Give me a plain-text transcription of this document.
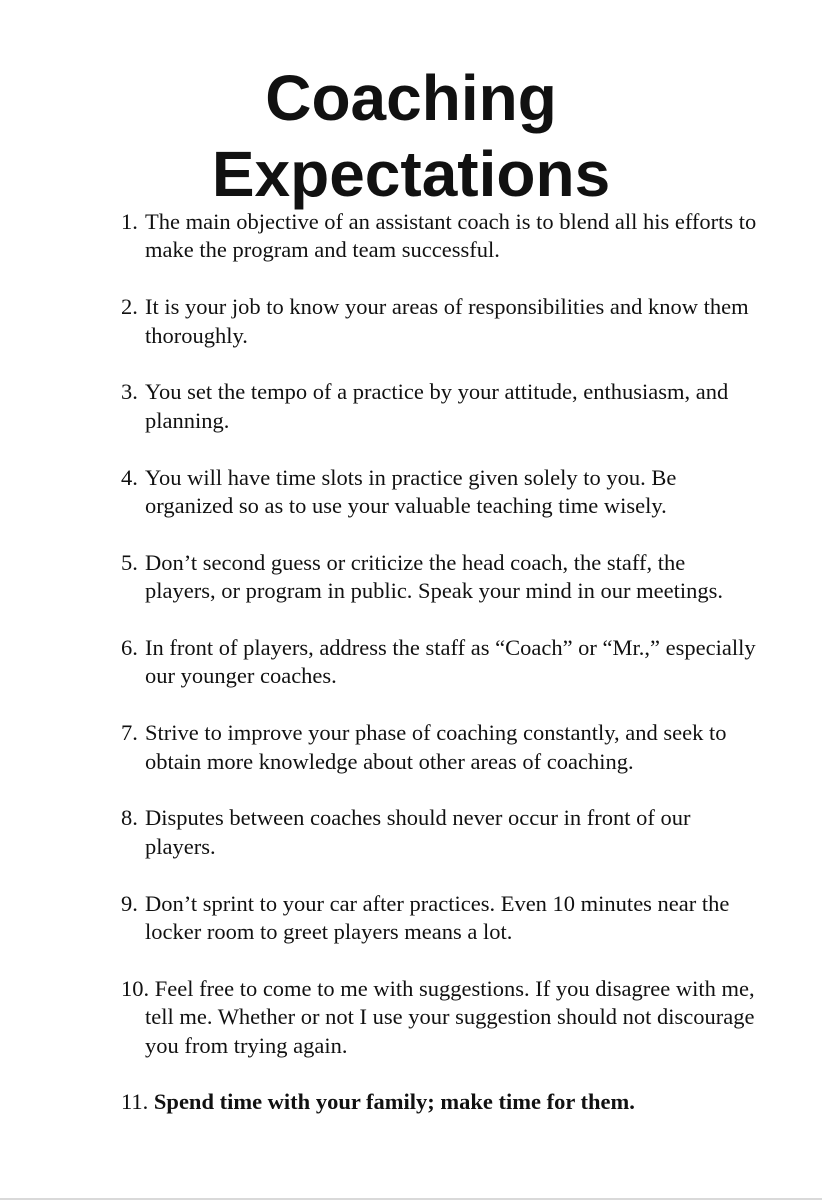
Coaching
Expectations
1. The main objective of an assistant coach is to blend all his efforts to make the program and team successful.
2. It is your job to know your areas of responsibilities and know them thoroughly.
3. You set the tempo of a practice by your attitude, enthusiasm, and planning.
4. You will have time slots in practice given solely to you. Be organized so as to use your valuable teaching time wisely.
5. Don’t second guess or criticize the head coach, the staff, the players, or program in public. Speak your mind in our meetings.
6. In front of players, address the staff as “Coach” or “Mr.,” especially our younger coaches.
7. Strive to improve your phase of coaching constantly, and seek to obtain more knowledge about other areas of coaching.
8. Disputes between coaches should never occur in front of our players.
9. Don’t sprint to your car after practices. Even 10 minutes near the locker room to greet players means a lot.
10. Feel free to come to me with suggestions. If you disagree with me, tell me. Whether or not I use your suggestion should not discourage you from trying again.
11. Spend time with your family; make time for them.
